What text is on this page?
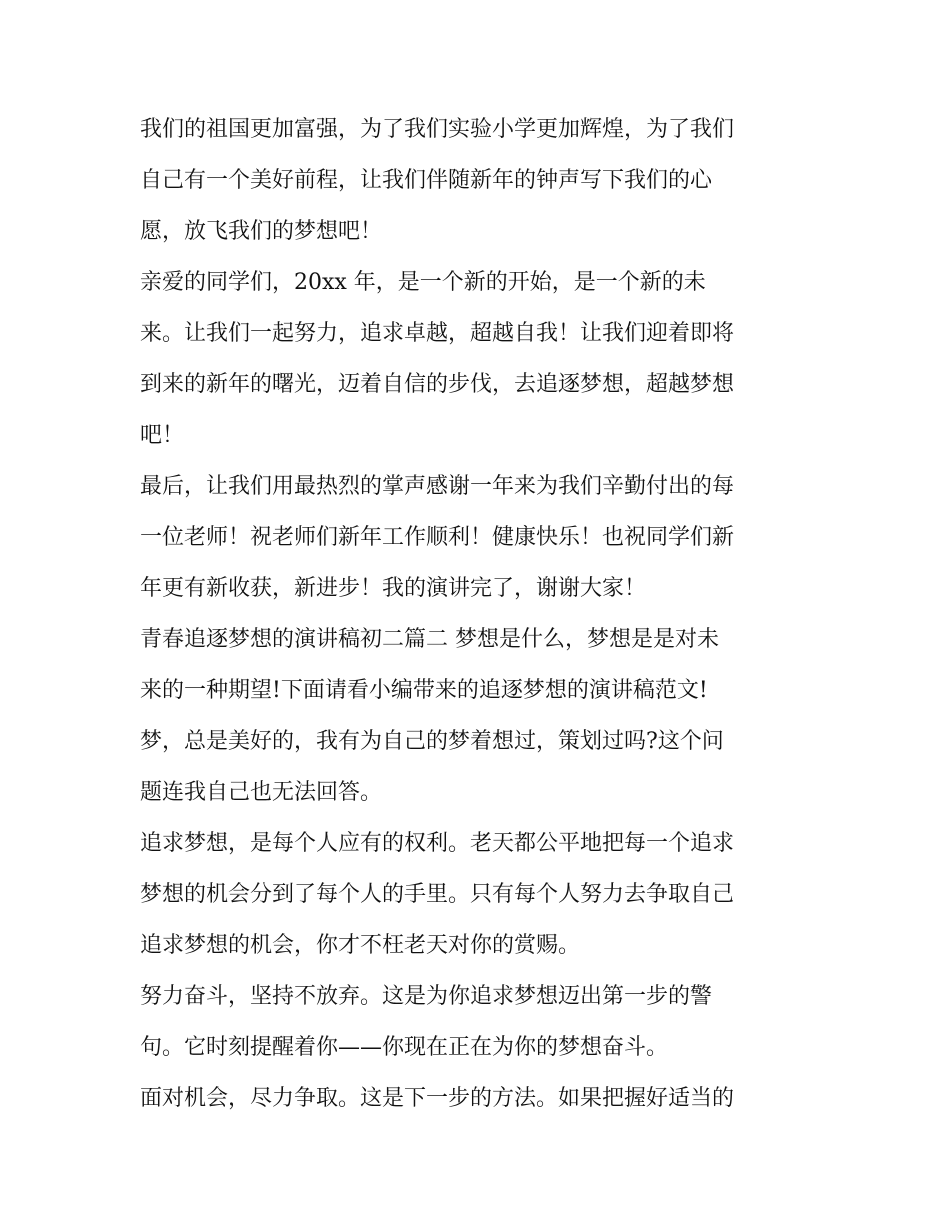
我们的祖国更加富强，为了我们实验小学更加辉煌，为了我们
自己有一个美好前程，让我们伴随新年的钟声写下我们的心
愿，放飞我们的梦想吧！
亲爱的同学们，20xx 年，是一个新的开始，是一个新的未
来。让我们一起努力，追求卓越，超越自我！让我们迎着即将
到来的新年的曙光，迈着自信的步伐，去追逐梦想，超越梦想
吧！
最后，让我们用最热烈的掌声感谢一年来为我们辛勤付出的每
一位老师！祝老师们新年工作顺利！健康快乐！也祝同学们新
年更有新收获，新进步！我的演讲完了，谢谢大家！
青春追逐梦想的演讲稿初二篇二 梦想是什么，梦想是是对未
来的一种期望!下面请看小编带来的追逐梦想的演讲稿范文!
梦，总是美好的，我有为自己的梦着想过，策划过吗?这个问
题连我自己也无法回答。
追求梦想，是每个人应有的权利。老天都公平地把每一个追求
梦想的机会分到了每个人的手里。只有每个人努力去争取自己
追求梦想的机会，你才不枉老天对你的赏赐。
努力奋斗，坚持不放弃。这是为你追求梦想迈出第一步的警
句。它时刻提醒着你——你现在正在为你的梦想奋斗。
面对机会，尽力争取。这是下一步的方法。如果把握好适当的
